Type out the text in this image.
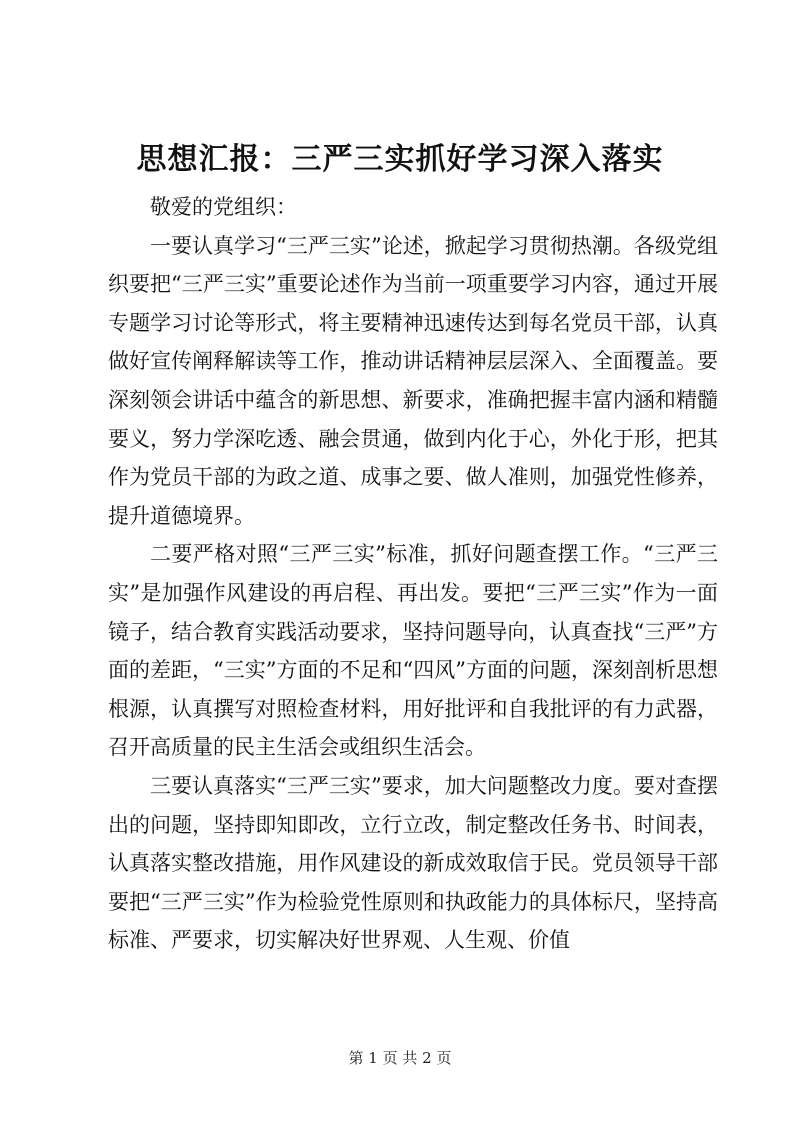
思想汇报：三严三实抓好学习深入落实

敬爱的党组织：

一要认真学习“三严三实”论述，掀起学习贯彻热潮。各级党组织要把“三严三实”重要论述作为当前一项重要学习内容，通过开展专题学习讨论等形式，将主要精神迅速传达到每名党员干部，认真做好宣传阐释解读等工作，推动讲话精神层层深入、全面覆盖。要深刻领会讲话中蕴含的新思想、新要求，准确把握丰富内涵和精髓要义，努力学深吃透、融会贯通，做到内化于心，外化于形，把其作为党员干部的为政之道、成事之要、做人准则，加强党性修养，提升道德境界。

二要严格对照“三严三实”标准，抓好问题查摆工作。“三严三实”是加强作风建设的再启程、再出发。要把“三严三实”作为一面镜子，结合教育实践活动要求，坚持问题导向，认真查找“三严”方面的差距，“三实”方面的不足和“四风”方面的问题，深刻剖析思想根源，认真撰写对照检查材料，用好批评和自我批评的有力武器，召开高质量的民主生活会或组织生活会。

三要认真落实“三严三实”要求，加大问题整改力度。要对查摆出的问题，坚持即知即改，立行立改，制定整改任务书、时间表，认真落实整改措施，用作风建设的新成效取信于民。党员领导干部要把“三严三实”作为检验党性原则和执政能力的具体标尺，坚持高标准、严要求，切实解决好世界观、人生观、价值

第 1 页 共 2 页
